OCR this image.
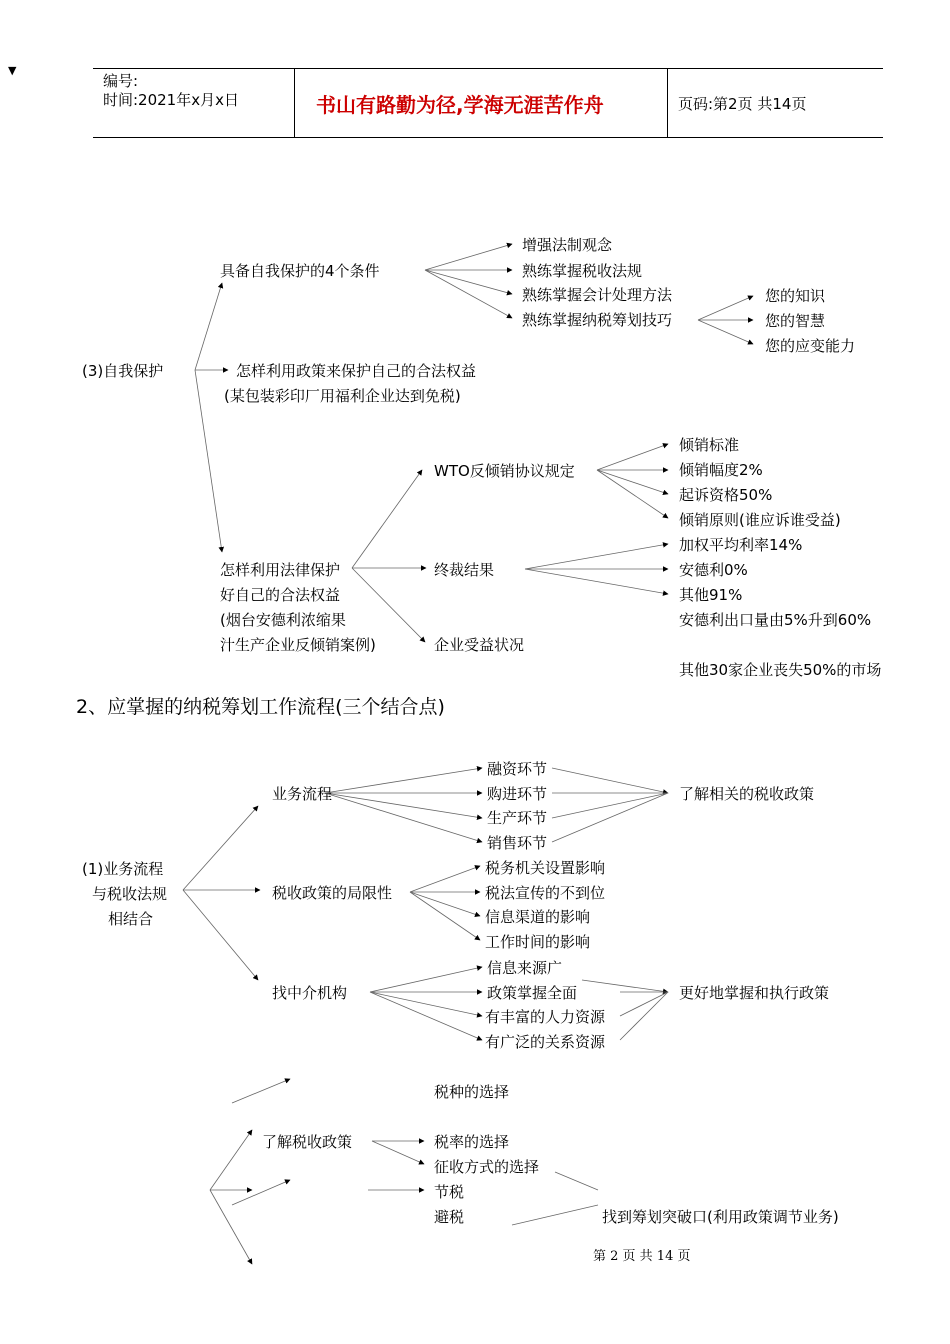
▼
编号:
时间:2021年x月x日	书山有路勤为径,学海无涯苦作舟	页码:第2页 共14页
(3)自我保护
具备自我保护的4个条件
增强法制观念
熟练掌握税收法规
熟练掌握会计处理方法
熟练掌握纳税筹划技巧
您的知识
您的智慧
您的应变能力
怎样利用政策来保护自己的合法权益
(某包装彩印厂用福利企业达到免税)
怎样利用法律保护
好自己的合法权益
(烟台安德利浓缩果
汁生产企业反倾销案例)
WTO反倾销协议规定
倾销标准
倾销幅度2%
起诉资格50%
倾销原则(谁应诉谁受益)
终裁结果
加权平均利率14%
安德利0%
其他91%
安德利出口量由5%升到60%
企业受益状况
其他30家企业丧失50%的市场
2、应掌握的纳税筹划工作流程(三个结合点)
(1)业务流程
与税收法规
相结合
业务流程
融资环节
购进环节
生产环节
销售环节
了解相关的税收政策
税收政策的局限性
税务机关设置影响
税法宣传的不到位
信息渠道的影响
工作时间的影响
找中介机构
信息来源广
政策掌握全面
有丰富的人力资源
有广泛的关系资源
更好地掌握和执行政策
税种的选择
了解税收政策	税率的选择
征收方式的选择
节税
避税	找到筹划突破口(利用政策调节业务)
第 2 页 共 14 页
